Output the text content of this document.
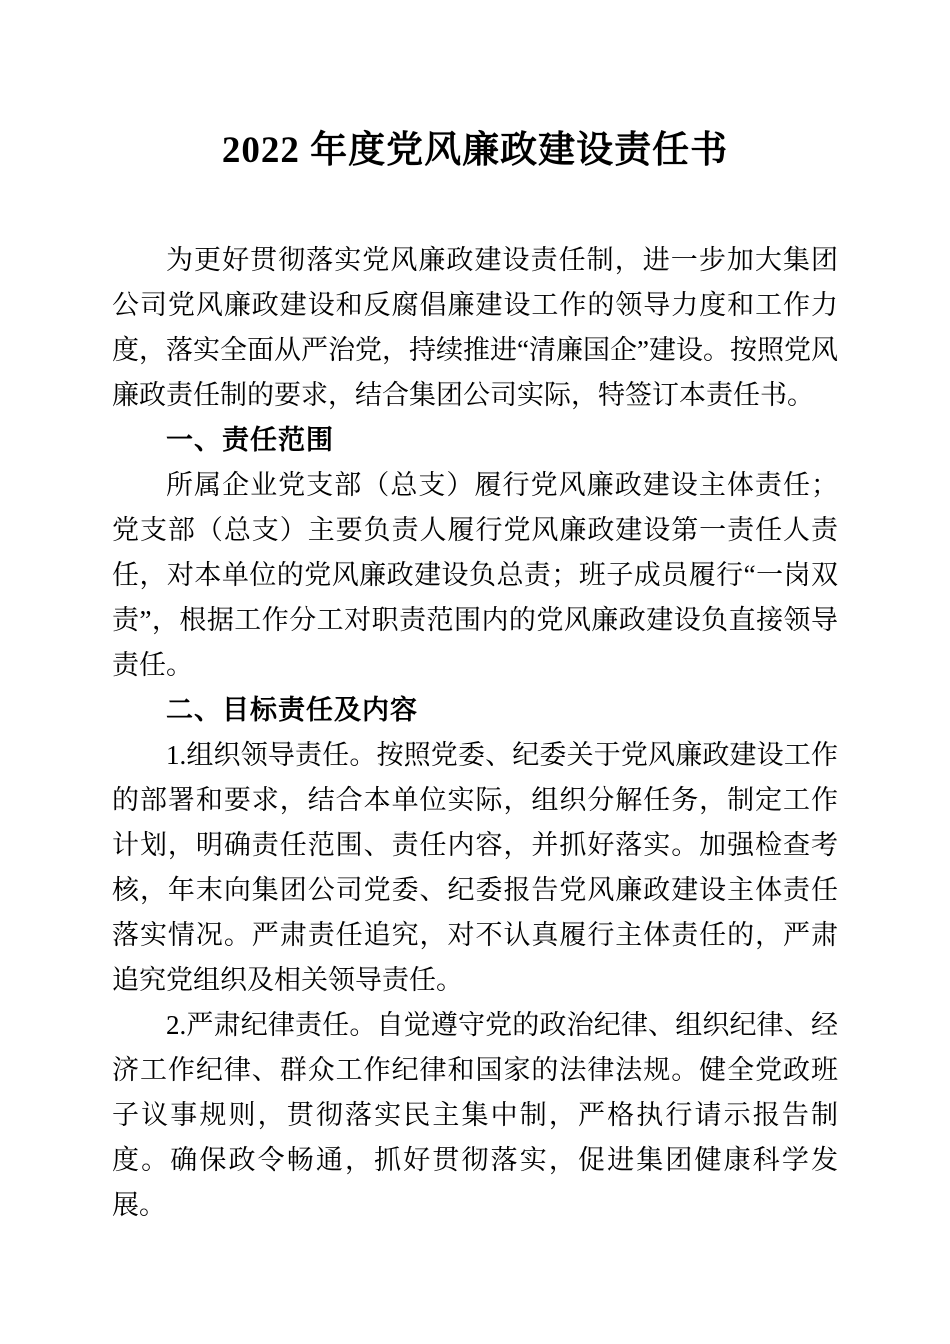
2022 年度党风廉政建设责任书

为更好贯彻落实党风廉政建设责任制，进一步加大集团公司党风廉政建设和反腐倡廉建设工作的领导力度和工作力度，落实全面从严治党，持续推进“清廉国企”建设。按照党风廉政责任制的要求，结合集团公司实际，特签订本责任书。

一、责任范围

所属企业党支部（总支）履行党风廉政建设主体责任；党支部（总支）主要负责人履行党风廉政建设第一责任人责任，对本单位的党风廉政建设负总责；班子成员履行“一岗双责”，根据工作分工对职责范围内的党风廉政建设负直接领导责任。

二、目标责任及内容

1.组织领导责任。按照党委、纪委关于党风廉政建设工作的部署和要求，结合本单位实际，组织分解任务，制定工作计划，明确责任范围、责任内容，并抓好落实。加强检查考核，年末向集团公司党委、纪委报告党风廉政建设主体责任落实情况。严肃责任追究，对不认真履行主体责任的，严肃追究党组织及相关领导责任。

2.严肃纪律责任。自觉遵守党的政治纪律、组织纪律、经济工作纪律、群众工作纪律和国家的法律法规。健全党政班子议事规则，贯彻落实民主集中制，严格执行请示报告制度。确保政令畅通，抓好贯彻落实，促进集团健康科学发展。
